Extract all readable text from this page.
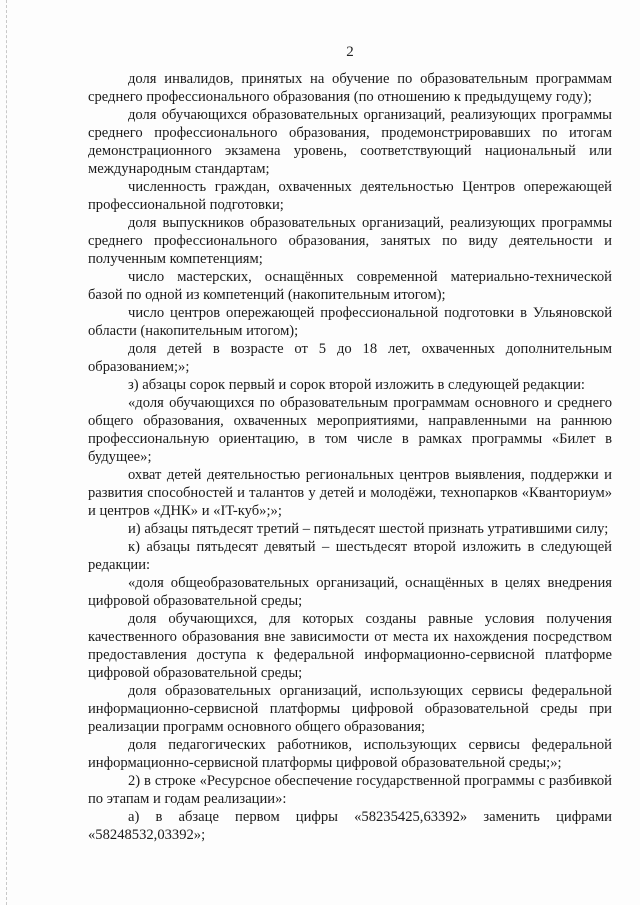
2

доля инвалидов, принятых на обучение по образовательным программам среднего профессионального образования (по отношению к предыдущему году);

доля обучающихся образовательных организаций, реализующих программы среднего профессионального образования, продемонстрировавших по итогам демонстрационного экзамена уровень, соответствующий национальный или международным стандартам;

численность граждан, охваченных деятельностью Центров опережающей профессиональной подготовки;

доля выпускников образовательных организаций, реализующих программы среднего профессионального образования, занятых по виду деятельности и полученным компетенциям;

число мастерских, оснащённых современной материально-технической базой по одной из компетенций (накопительным итогом);

число центров опережающей профессиональной подготовки в Ульяновской области (накопительным итогом);

доля детей в возрасте от 5 до 18 лет, охваченных дополнительным образованием;»;

з) абзацы сорок первый и сорок второй изложить в следующей редакции:

«доля обучающихся по образовательным программам основного и среднего общего образования, охваченных мероприятиями, направленными на раннюю профессиональную ориентацию, в том числе в рамках программы «Билет в будущее»;

охват детей деятельностью региональных центров выявления, поддержки и развития способностей и талантов у детей и молодёжи, технопарков «Кванториум» и центров «ДНК» и «IT-куб»;»;

и) абзацы пятьдесят третий – пятьдесят шестой признать утратившими силу;

к) абзацы пятьдесят девятый – шестьдесят второй изложить в следующей редакции:

«доля общеобразовательных организаций, оснащённых в целях внедрения цифровой образовательной среды;

доля обучающихся, для которых созданы равные условия получения качественного образования вне зависимости от места их нахождения посредством предоставления доступа к федеральной информационно-сервисной платформе цифровой образовательной среды;

доля образовательных организаций, использующих сервисы федеральной информационно-сервисной платформы цифровой образовательной среды при реализации программ основного общего образования;

доля педагогических работников, использующих сервисы федеральной информационно-сервисной платформы цифровой образовательной среды;»;

2) в строке «Ресурсное обеспечение государственной программы с разбивкой по этапам и годам реализации»:

а) в абзаце первом цифры «58235425,63392» заменить цифрами «58248532,03392»;
